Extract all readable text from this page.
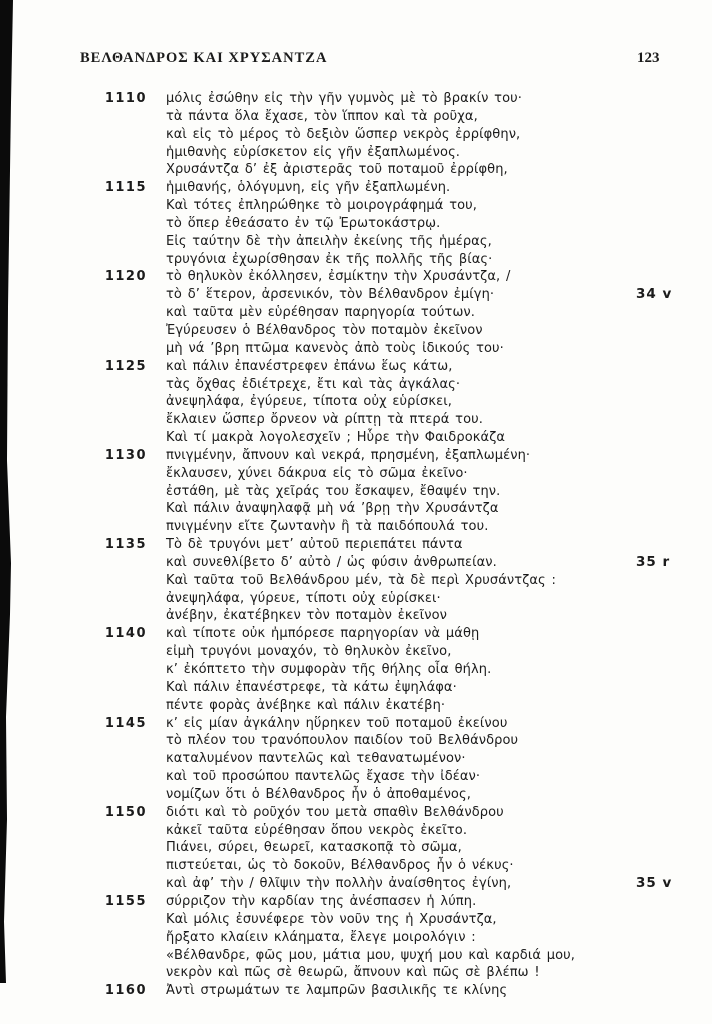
ΒΕΛΘΑΝΔΡΟΣ ΚΑΙ ΧΡΥΣΑΝΤΖΑ	123
1110 μόλις ἐσώθην εἰς τὴν γῆν γυμνὸς μὲ τὸ βρακίν του·
τὰ πάντα ὅλα ἔχασε, τὸν ἵππον καὶ τὰ ροῦχα,
καὶ εἰς τὸ μέρος τὸ δεξιὸν ὥσπερ νεκρὸς ἐρρίφθην,
ἡμιθανὴς εὑρίσκετον εἰς γῆν ἐξαπλωμένος.
Χρυσάντζα δ’ ἐξ ἀριστερᾶς τοῦ ποταμοῦ ἐρρίφθη,
1115 ἡμιθανής, ὁλόγυμνη, εἰς γῆν ἐξαπλωμένη.
Καὶ τότες ἐπληρώθηκε τὸ μοιρογράφημά του,
τὸ ὅπερ ἐθεάσατο ἐν τῷ Ἐρωτοκάστρῳ.
Εἰς ταύτην δὲ τὴν ἀπειλὴν ἐκείνης τῆς ἡμέρας,
τρυγόνια ἐχωρίσθησαν ἐκ τῆς πολλῆς τῆς βίας·
1120 τὸ θηλυκὸν ἐκόλλησεν, ἐσμίκτην τὴν Χρυσάντζα, /
τὸ δ’ ἕτερον, ἀρσενικόν, τὸν Βέλθανδρον ἐμίγη·	34 v
καὶ ταῦτα μὲν εὑρέθησαν παρηγορία τούτων.
Ἐγύρευσεν ὁ Βέλθανδρος τὸν ποταμὸν ἐκεῖνον
μὴ νά ’βρη πτῶμα κανενὸς ἀπὸ τοὺς ἰδικούς του·
1125 καὶ πάλιν ἐπανέστρεφεν ἐπάνω ἕως κάτω,
τὰς ὄχθας ἐδιέτρεχε, ἔτι καὶ τὰς ἀγκάλας·
ἀνεψηλάφα, ἐγύρευε, τίποτα οὐχ εὑρίσκει,
ἔκλαιεν ὥσπερ ὄρνεον νὰ ρίπτῃ τὰ πτερά του.
Καὶ τί μακρὰ λογολεσχεῖν ; Ηὗρε τὴν Φαιδροκάζα
1130 πνιγμένην, ἄπνουν καὶ νεκρά, πρησμένη, ἐξαπλωμένη·
ἔκλαυσεν, χύνει δάκρυα εἰς τὸ σῶμα ἐκεῖνο·
ἐστάθη, μὲ τὰς χεῖράς του ἔσκαψεν, ἔθαψέν την.
Καὶ πάλιν ἀναψηλαφᾷ μὴ νά ’βρῃ τὴν Χρυσάντζα
πνιγμένην εἴτε ζωντανὴν ἢ τὰ παιδόπουλά του.
1135 Τὸ δὲ τρυγόνι μετ’ αὐτοῦ περιεπάτει πάντα
καὶ συνεθλίβετο δ’ αὐτὸ / ὡς φύσιν ἀνθρωπείαν.	35 r
Καὶ ταῦτα τοῦ Βελθάνδρου μέν, τὰ δὲ περὶ Χρυσάντζας :
ἀνεψηλάφα, γύρευε, τίποτι οὐχ εὑρίσκει·
ἀνέβην, ἐκατέβηκεν τὸν ποταμὸν ἐκεῖνον
1140 καὶ τίποτε οὐκ ἠμπόρεσε παρηγορίαν νὰ μάθῃ
εἰμὴ τρυγόνι μοναχόν, τὸ θηλυκὸν ἐκεῖνο,
κ’ ἐκόπτετο τὴν συμφορὰν τῆς θήλης οἷα θήλη.
Καὶ πάλιν ἐπανέστρεφε, τὰ κάτω ἐψηλάφα·
πέντε φορὰς ἀνέβηκε καὶ πάλιν ἐκατέβη·
1145 κ’ εἰς μίαν ἀγκάλην ηὕρηκεν τοῦ ποταμοῦ ἐκείνου
τὸ πλέον του τρανόπουλον παιδίον τοῦ Βελθάνδρου
καταλυμένον παντελῶς καὶ τεθανατωμένον·
καὶ τοῦ προσώπου παντελῶς ἔχασε τὴν ἰδέαν·
νομίζων ὅτι ὁ Βέλθανδρος ἦν ὁ ἀποθαμένος,
1150 διότι καὶ τὸ ροῦχόν του μετὰ σπαθὶν Βελθάνδρου
κἀκεῖ ταῦτα εὑρέθησαν ὅπου νεκρὸς ἐκεῖτο.
Πιάνει, σύρει, θεωρεῖ, κατασκοπᾷ τὸ σῶμα,
πιστεύεται, ὡς τὸ δοκοῦν, Βέλθανδρος ἦν ὁ νέκυς·
καὶ ἀφ’ τὴν / θλῖψιν τὴν πολλὴν ἀναίσθητος ἐγίνη,	35 v
1155 σύρριζον τὴν καρδίαν της ἀνέσπασεν ἡ λύπη.
Καὶ μόλις ἐσυνέφερε τὸν νοῦν της ἡ Χρυσάντζα,
ἤρξατο κλαίειν κλάηματα, ἔλεγε μοιρολόγιν :
«Βέλθανδρε, φῶς μου, μάτια μου, ψυχή μου καὶ καρδιά μου,
νεκρὸν καὶ πῶς σὲ θεωρῶ, ἄπνουν καὶ πῶς σὲ βλέπω !
1160 Ἀντὶ στρωμάτων τε λαμπρῶν βασιλικῆς τε κλίνης
